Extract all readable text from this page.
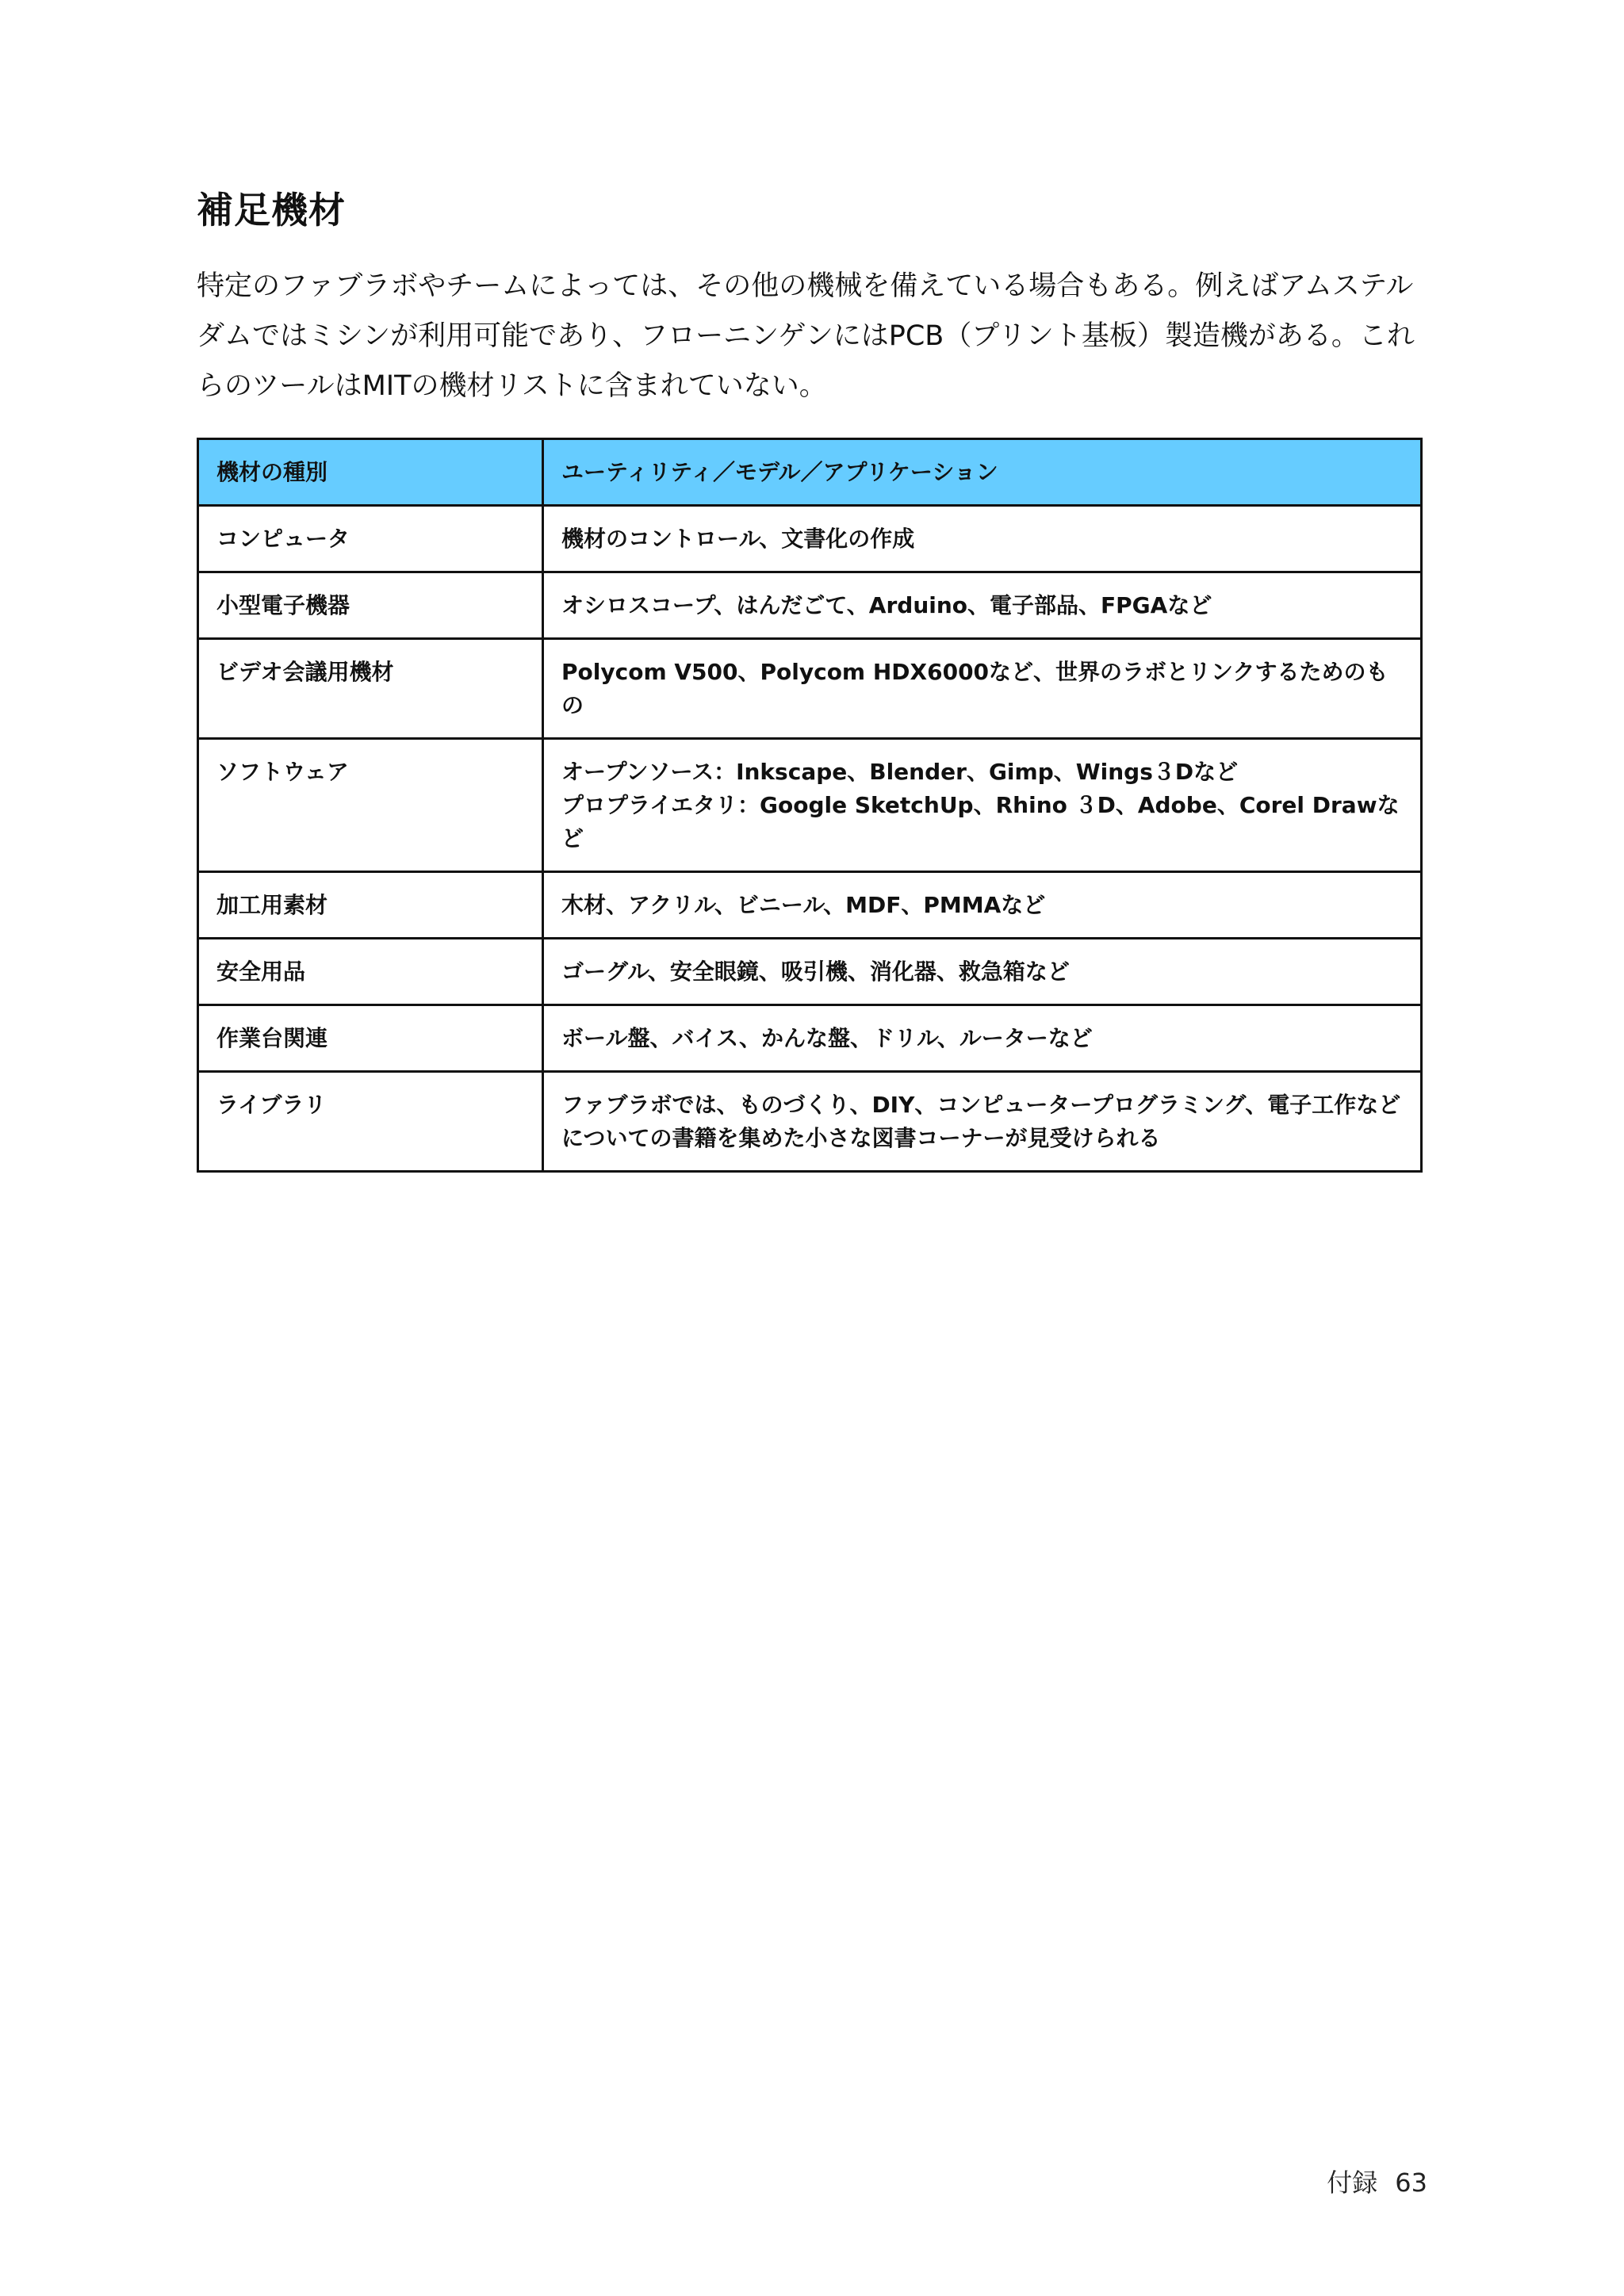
補足機材

特定のファブラボやチームによっては、その他の機械を備えている場合もある。例えばアムステルダムではミシンが利用可能であり、フローニンゲンにはPCB（プリント基板）製造機がある。これらのツールはMITの機材リストに含まれていない。

機材の種別	ユーティリティ／モデル／アプリケーション
コンピュータ	機材のコントロール、文書化の作成

小型電子機器	オシロスコープ、はんだごて、Arduino、電子部品、FPGAなど

ビデオ会議用機材	Polycom V500、Polycom HDX6000など、世界のラボとリンクするためのもの

ソフトウェア	オープンソース：Inkscape、Blender、Gimp、Wings３Dなど
プロプライエタリ：Google SketchUp、Rhino ３D、Adobe、Corel Drawなど

加工用素材	木材、アクリル、ビニール、MDF、PMMAなど

安全用品	ゴーグル、安全眼鏡、吸引機、消化器、救急箱など

作業台関連	ボール盤、バイス、かんな盤、ドリル、ルーターなど

ライブラリ	ファブラボでは、ものづくり、DIY、コンピュータープログラミング、電子工作などについての書籍を集めた小さな図書コーナーが見受けられる
付録 63
